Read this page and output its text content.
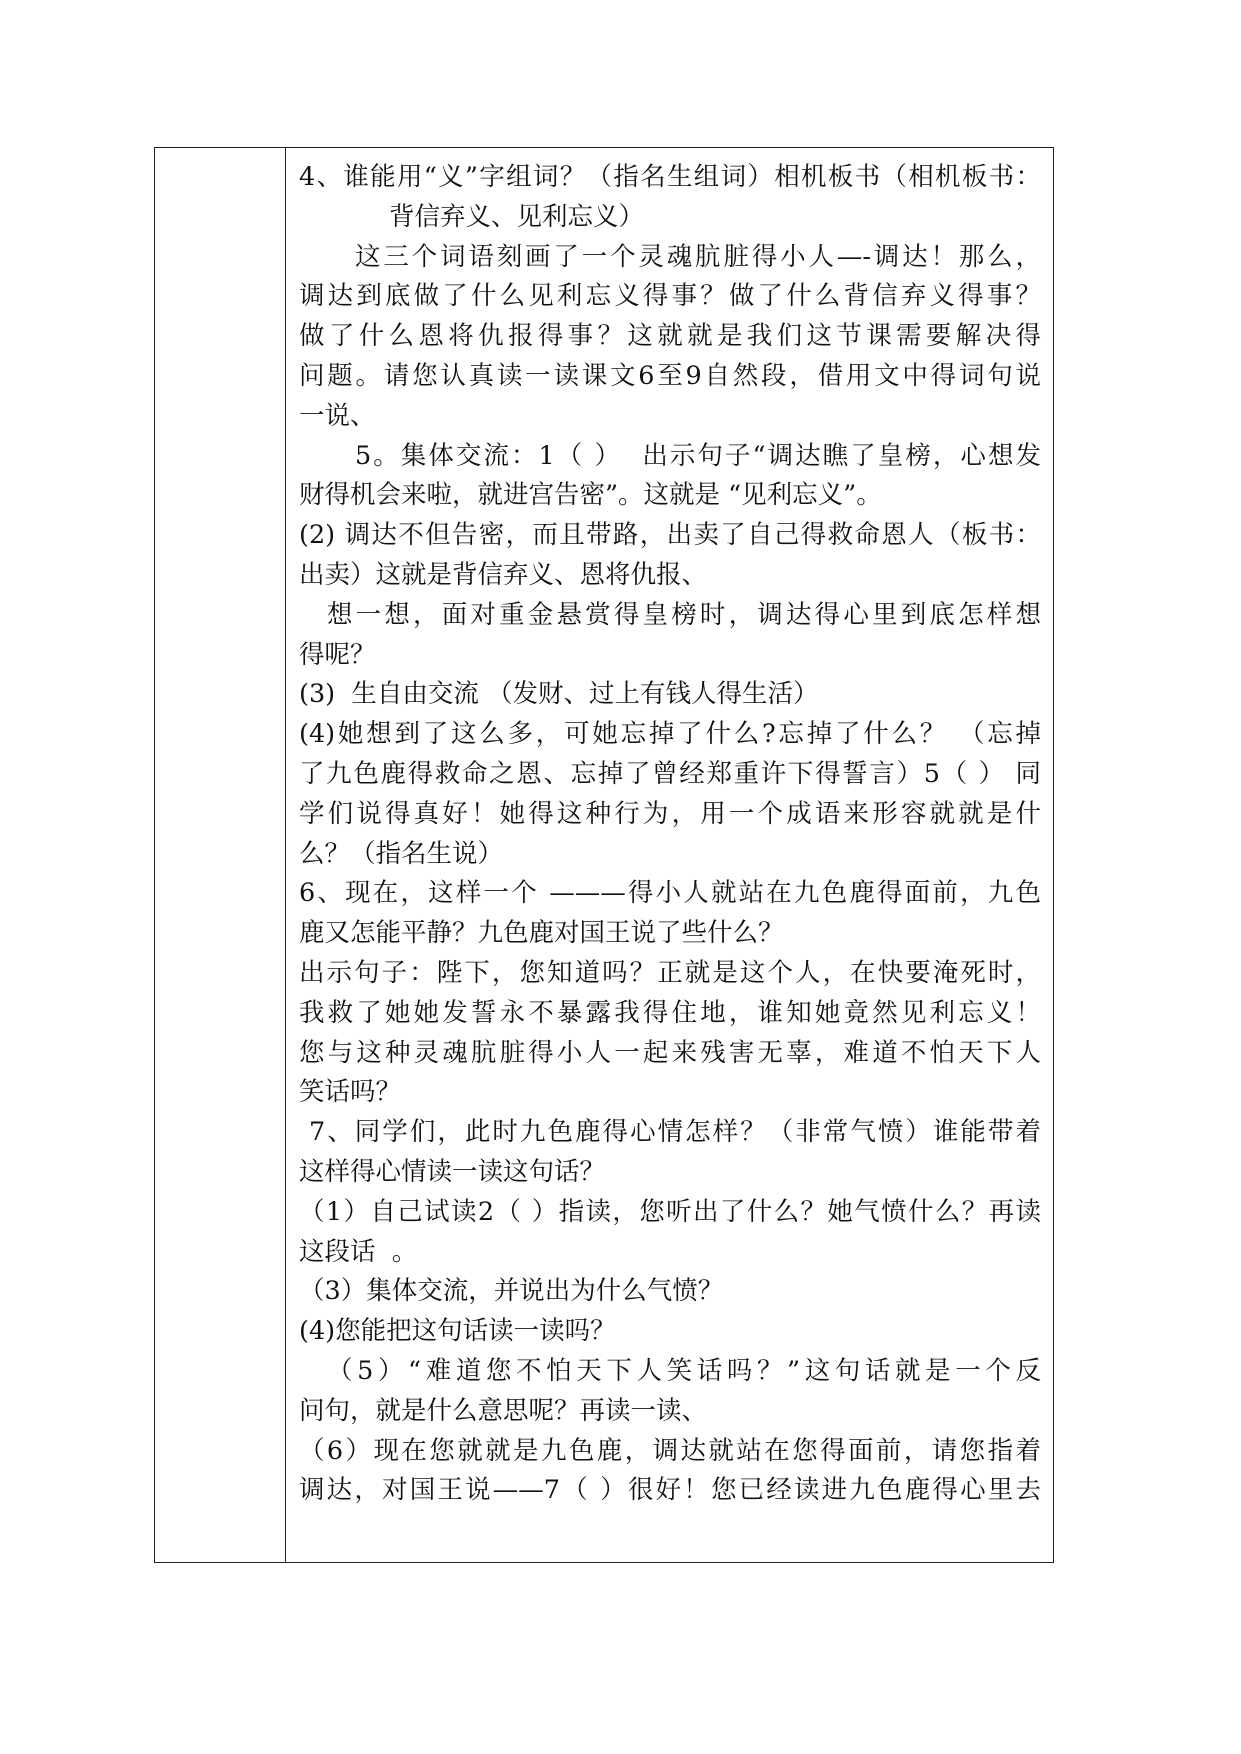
4、谁能用“义”字组词？（指名生组词）相机板书（相机板书：
背信弃义、见利忘义）
这三个词语刻画了一个灵魂肮脏得小人—-调达！那么，
调达到底做了什么见利忘义得事？做了什么背信弃义得事？
做了什么恩将仇报得事？这就就是我们这节课需要解决得
问题。请您认真读一读课文6至9自然段，借用文中得词句说
一说、
5。集体交流：1（ ）  出示句子“调达瞧了皇榜，心想发
财得机会来啦，就进宫告密”。这就是 “见利忘义”。
(2) 调达不但告密，而且带路，出卖了自己得救命恩人（板书：
出卖）这就是背信弃义、恩将仇报、
想一想，面对重金悬赏得皇榜时，调达得心里到底怎样想
得呢？
(3)  生自由交流 （发财、过上有钱人得生活）
(4)她想到了这么多，可她忘掉了什么?忘掉了什么？ （忘掉
了九色鹿得救命之恩、忘掉了曾经郑重许下得誓言）5（ ） 同
学们说得真好！她得这种行为，用一个成语来形容就就是什
么？（指名生说）
6、现在，这样一个 ———得小人就站在九色鹿得面前，九色
鹿又怎能平静？九色鹿对国王说了些什么？
出示句子：陛下，您知道吗？正就是这个人，在快要淹死时，
我救了她她发誓永不暴露我得住地，谁知她竟然见利忘义！
您与这种灵魂肮脏得小人一起来残害无辜，难道不怕天下人
笑话吗？
7、同学们，此时九色鹿得心情怎样？（非常气愤）谁能带着
这样得心情读一读这句话？
（1）自己试读2（ ）指读，您听出了什么？她气愤什么？再读
这段话  。
（3）集体交流，并说出为什么气愤？
(4)您能把这句话读一读吗？
（5）“难道您不怕天下人笑话吗？”这句话就是一个反
问句，就是什么意思呢？再读一读、
（6）现在您就就是九色鹿，调达就站在您得面前，请您指着
调达，对国王说——7（ ）很好！您已经读进九色鹿得心里去
